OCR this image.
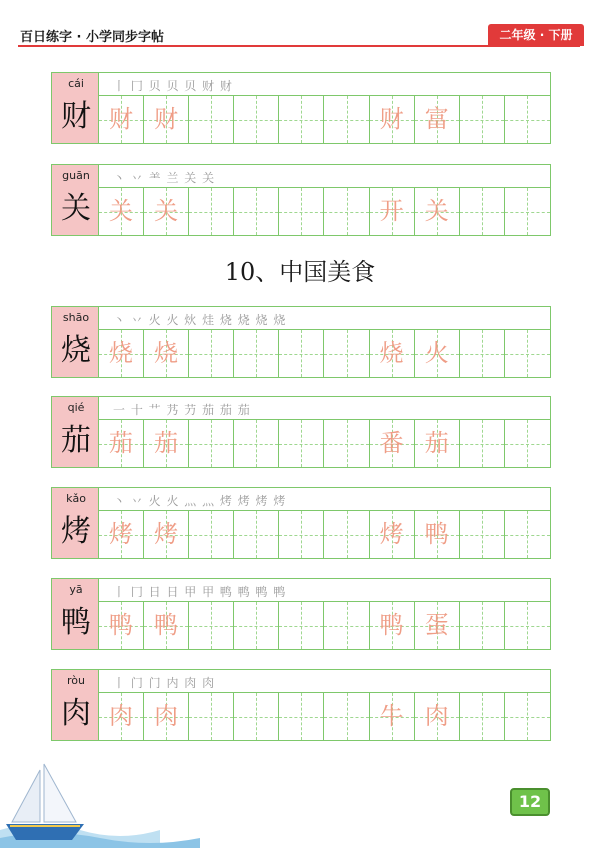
百日练字 · 小学同步字帖	二年级 · 下册
10、中国美食
cái
财
丨 冂 贝 贝 贝 财 财
财 财	财 富
guān
关
丶 丷 ⺷ 兰 关 关
关 关	开 关
shāo
烧
丶 丷 火 火 炏 烓 烧 烧 烧 烧
烧 烧	烧 火
qié
茄
一 十 艹 艿 芀 茄 茄 茄
茄 茄	番 茄
kǎo
烤
丶 丷 火 火 灬 灬 烤 烤 烤 烤
烤 烤	烤 鸭
yā
鸭
丨 冂 日 日 甲 甲 鸭 鸭 鸭 鸭
鸭 鸭	鸭 蛋
ròu
肉
丨 门 门 内 肉 肉
肉 肉	牛 肉
12
